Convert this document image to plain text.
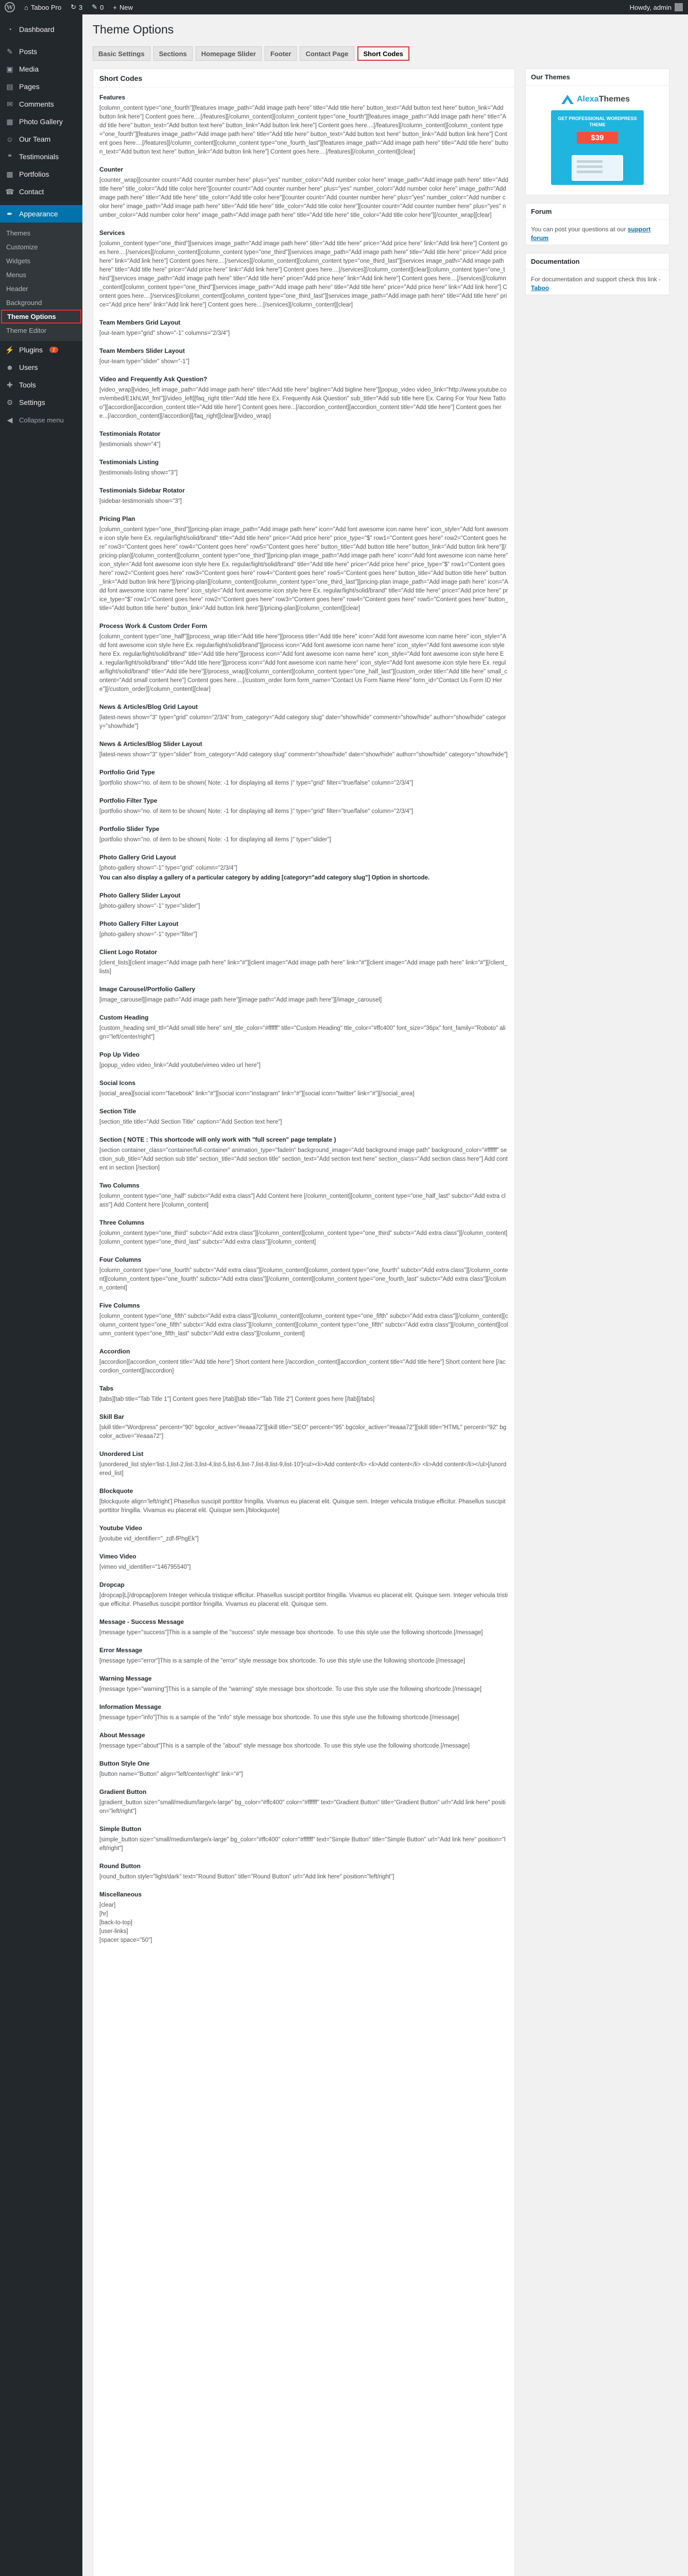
W ⌂ Taboo Pro ↻ 3 ✎ 0 + New	Howdy, admin
◔ Dashboard
✎ Posts
▣ Media
▤ Pages
✉ Comments
▦ Photo Gallery
☺ Our Team
❝	Testimonials
▩ Portfolios
☎ Contact
✒ Appearance
Themes
Customize
Widgets
Menus
Header
Background
Theme Options
Theme Editor
⚡ Plugins	2
☻ Users
✚ Tools
⚙ Settings
◀ Collapse menu
Theme Options
Basic Settings	Sections	Homepage Slider	Footer	Contact Page	Short Codes
Short Codes
Features

[column_content type="one_fourth"][features image_path="Add image path here" title="Add title here" button_text="Add button text here" button_link="Add button link here"] Content goes here....[/features][/column_content][column_content type="one_fourth"][features image_path="Add image path here" title="Add title here" button_text="Add button text here" button_link="Add button link here"] Content goes here....[/features][/column_content][column_content type="one_fourth"][features image_path="Add image path here" title="Add title here" button_text="Add button text here" button_link="Add button link here"] Content goes here....[/features][/column_content][column_content type="one_fourth_last"][features image_path="Add image path here" title="Add title here" button_text="Add button text here" button_link="Add button link here"] Content goes here....[/features][/column_content][clear]

Counter

[counter_wrap][counter count="Add counter number here" plus="yes" number_color="Add number color here" image_path="Add image path here" title="Add title here" title_color="Add title color here"][counter count="Add counter number here" plus="yes" number_color="Add number color here" image_path="Add image path here" title="Add title here" title_color="Add title color here"][counter count="Add counter number here" plus="yes" number_color="Add number color here" image_path="Add image path here" title="Add title here" title_color="Add title color here"][counter count="Add counter number here" plus="yes" number_color="Add number color here" image_path="Add image path here" title="Add title here" title_color="Add title color here"][/counter_wrap][clear]

Services

[column_content type="one_third"][services image_path="Add image path here" title="Add title here" price="Add price here" link="Add link here"] Content goes here....[/services][/column_content][column_content type="one_third"][services image_path="Add image path here" title="Add title here" price="Add price here" link="Add link here"] Content goes here....[/services][/column_content][column_content type="one_third_last"][services image_path="Add image path here" title="Add title here" price="Add price here" link="Add link here"] Content goes here....[/services][/column_content][clear][column_content type="one_third"][services image_path="Add image path here" title="Add title here" price="Add price here" link="Add link here"] Content goes here....[/services][/column_content][column_content type="one_third"][services image_path="Add image path here" title="Add title here" price="Add price here" link="Add link here"] Content goes here....[/services][/column_content][column_content type="one_third_last"][services image_path="Add image path here" title="Add title here" price="Add price here" link="Add link here"] Content goes here....[/services][/column_content][clear]

Team Members Grid Layout

[our-team type="grid" show="-1" columns="2/3/4"]

Team Members Slider Layout

[our-team type="slider" show="-1"]

Video and Frequently Ask Question?

[video_wrap][video_left image_path="Add image path here" title="Add title here" bigline="Add bigline here"][popup_video video_link="http://www.youtube.com/embed/E1khLWl_fmI"][/video_left][faq_right title="Add title here Ex. Frequently Ask Question" sub_title="Add sub title here Ex. Caring For Your New Tattoo"][accordion][accordion_content title="Add title here"] Content goes here...[/accordion_content][accordion_content title="Add title here"] Content goes here...[/accordion_content][/accordion][/faq_right][clear][/video_wrap]

Testimonials Rotator

[testimonials show="4"]

Testimonials Listing

[testimonials-listing show="3"]

Testimonials Sidebar Rotator

[sidebar-testimonials show="3"]

Pricing Plan

[column_content type="one_third"][pricing-plan image_path="Add image path here" icon="Add font awesome icon name here" icon_style="Add font awesome icon style here Ex. regular/light/solid/brand" title="Add title here" price="Add price here" price_type="$" row1="Content goes here" row2="Content goes here" row3="Content goes here" row4="Content goes here" row5="Content goes here" button_title="Add button title here" button_link="Add button link here"][/pricing-plan][/column_content][column_content type="one_third"][pricing-plan image_path="Add image path here" icon="Add font awesome icon name here" icon_style="Add font awesome icon style here Ex. regular/light/solid/brand" title="Add title here" price="Add price here" price_type="$" row1="Content goes here" row2="Content goes here" row3="Content goes here" row4="Content goes here" row5="Content goes here" button_title="Add button title here" button_link="Add button link here"][/pricing-plan][/column_content][column_content type="one_third_last"][pricing-plan image_path="Add image path here" icon="Add font awesome icon name here" icon_style="Add font awesome icon style here Ex. regular/light/solid/brand" title="Add title here" price="Add price here" price_type="$" row1="Content goes here" row2="Content goes here" row3="Content goes here" row4="Content goes here" row5="Content goes here" button_title="Add button title here" button_link="Add button link here"][/pricing-plan][/column_content][clear]

Process Work & Custom Order Form

[column_content type="one_half"][process_wrap title="Add title here"][process title="Add title here" icon="Add font awesome icon name here" icon_style="Add font awesome icon style here Ex. regular/light/solid/brand"][process icon="Add font awesome icon name here" icon_style="Add font awesome icon style here Ex. regular/light/solid/brand" title="Add title here"][process icon="Add font awesome icon name here" icon_style="Add font awesome icon style here Ex. regular/light/solid/brand" title="Add title here"][process icon="Add font awesome icon name here" icon_style="Add font awesome icon style here Ex. regular/light/solid/brand" title="Add title here"][/process_wrap][/column_content][column_content type="one_half_last"][custom_order title="Add title here" small_content="Add small content here"] Content goes here....[/custom_order form form_name="Contact Us Form Name Here" form_id="Contact Us Form ID Here"][/custom_order][/column_content][clear]

News & Articles/Blog Grid Layout

[latest-news show="3" type="grid" column="2/3/4" from_category="Add category slug" date="show/hide" comment="show/hide" author="show/hide" category="show/hide"]

News & Articles/Blog Slider Layout

[latest-news show="3" type="slider" from_category="Add category slug" comment="show/hide" date="show/hide" author="show/hide" category="show/hide"]

Portfolio Grid Type

[portfolio show="no. of item to be shown( Note: -1 for displaying all items )" type="grid" filter="true/false" column="2/3/4"]

Portfolio Filter Type

[portfolio show="no. of item to be shown( Note: -1 for displaying all items )" type="grid" filter="true/false" column="2/3/4"]

Portfolio Slider Type

[portfolio show="no. of item to be shown( Note: -1 for displaying all items )" type="slider"]

Photo Gallery Grid Layout

[photo-gallery show="-1" type="grid" column="2/3/4"]

You can also display a gallery of a particular category by adding [category="add category slug"] Option in shortcode.

Photo Gallery Slider Layout

[photo-gallery show="-1" type="slider"]

Photo Gallery Filter Layout

[photo-gallery show="-1" type="filter"]

Client Logo Rotator

[client_lists][client image="Add image path here" link="#"][client image="Add image path here" link="#"][client image="Add image path here" link="#"][/client_lists]

Image Carousel/Portfolio Gallery

[image_carousel][image path="Add image path here"][image path="Add image path here"][/image_carousel]

Custom Heading

[custom_heading sml_ttl="Add small title here" sml_ttle_color="#ffffff" title="Custom Heading" ttle_color="#ffc400" font_size="36px" font_family="Roboto" align="left/center/right"]

Pop Up Video

[popup_video video_link="Add youtube/vimeo video url here"]

Social Icons

[social_area][social icon="facebook" link="#"][social icon="instagram" link="#"][social icon="twitter" link="#"][/social_area]

Section Title

[section_title title="Add Section Title" caption="Add Section text here"]

Section ( NOTE : This shortcode will only work with "full screen" page template )

[section container_class="container/full-container" animation_type="fadeIn" background_image="Add background image path" background_color="#ffffff" section_sub_title="Add section sub title" section_title="Add section title" section_text="Add section text here" section_class="Add section class here"] Add content in section [/section]

Two Columns

[column_content type="one_half" subctx="Add extra class"] Add Content here [/column_content][column_content type="one_half_last" subctx="Add extra class"] Add Content here [/column_content]

Three Columns

[column_content type="one_third" subctx="Add extra class"][/column_content][column_content type="one_third" subctx="Add extra class"][/column_content][column_content type="one_third_last" subctx="Add extra class"][/column_content]

Four Columns

[column_content type="one_fourth" subctx="Add extra class"][/column_content][column_content type="one_fourth" subctx="Add extra class"][/column_content][column_content type="one_fourth" subctx="Add extra class"][/column_content][column_content type="one_fourth_last" subctx="Add extra class"][/column_content]

Five Columns

[column_content type="one_fifth" subctx="Add extra class"][/column_content][column_content type="one_fifth" subctx="Add extra class"][/column_content][column_content type="one_fifth" subctx="Add extra class"][/column_content][column_content type="one_fifth" subctx="Add extra class"][/column_content][column_content type="one_fifth_last" subctx="Add extra class"][/column_content]

Accordion

[accordion][accordion_content title="Add title here"] Short content here [/accordion_content][accordion_content title="Add title here"] Short content here [/accordion_content][/accordion]

Tabs

[tabs][tab title="Tab Title 1"] Content goes here [/tab][tab title="Tab Title 2"] Content goes here [/tab][/tabs]

Skill Bar

[skill title="Wordpress" percent="90" bgcolor_active="#eaaa72"][skill title="SEO" percent="95" bgcolor_active="#eaaa72"][skill title="HTML" percent="92" bgcolor_active="#eaaa72"]

Unordered List

[unordered_list style='list-1,list-2,list-3,list-4,list-5,list-6,list-7,list-8,list-9,list-10']<ul><li>Add content</li> <li>Add content</li> <li>Add content</li></ul>[/unordered_list]

Blockquote

[blockquote align='left/right'] Phasellus suscipit porttitor fringilla. Vivamus eu placerat elit. Quisque sem. Integer vehicula tristique efficitur. Phasellus suscipit porttitor fringilla. Vivamus eu placerat elit. Quisque sem.[/blockquote]

Youtube Video

[youtube vid_identifier="_zdf-fPhgEk"]

Vimeo Video

[vimeo vid_identifier="146795540"]

Dropcap

[dropcap]L[/dropcap]orem Integer vehicula tristique efficitur. Phasellus suscipit porttitor fringilla. Vivamus eu placerat elit. Quisque sem. Integer vehicula tristique efficitur. Phasellus suscipit porttitor fringilla. Vivamus eu placerat elit. Quisque sem.

Message - Success Message

[message type="success"]This is a sample of the "success" style message box shortcode. To use this style use the following shortcode.[/message]

Error Message

[message type="error"]This is a sample of the "error" style message box shortcode. To use this style use the following shortcode.[/message]

Warning Message

[message type="warning"]This is a sample of the "warning" style message box shortcode. To use this style use the following shortcode.[/message]

Information Message

[message type="info"]This is a sample of the "info" style message box shortcode. To use this style use the following shortcode.[/message]

About Message

[message type="about"]This is a sample of the "about" style message box shortcode. To use this style use the following shortcode.[/message]

Button Style One

[button name="Button" align="left/center/right" link="#"]

Gradient Button

[gradient_button size="small/medium/large/x-large" bg_color="#ffc400" color="#ffffff" text="Gradient Button" title="Gradient Button" url="Add link here" position="left/right"]

Simple Button

[simple_button size="small/medium/large/x-large" bg_color="#ffc400" color="#ffffff" text="Simple Button" title="Simple Button" url="Add link here" position="left/right"]

Round Button

[round_button style="light/dark" text="Round Button" title="Round Button" url="Add link here" position="left/right"]

Miscellaneous

[clear]

[hr]

[back-to-top]

[user-links]

[spacer space="50"]

Our Themes
AlexaThemes
GET PROFESSIONAL WORDPRESS THEME
$39
Forum
You can post your questions at our support forum
Documentation
For documentation and support check this link - Taboo
